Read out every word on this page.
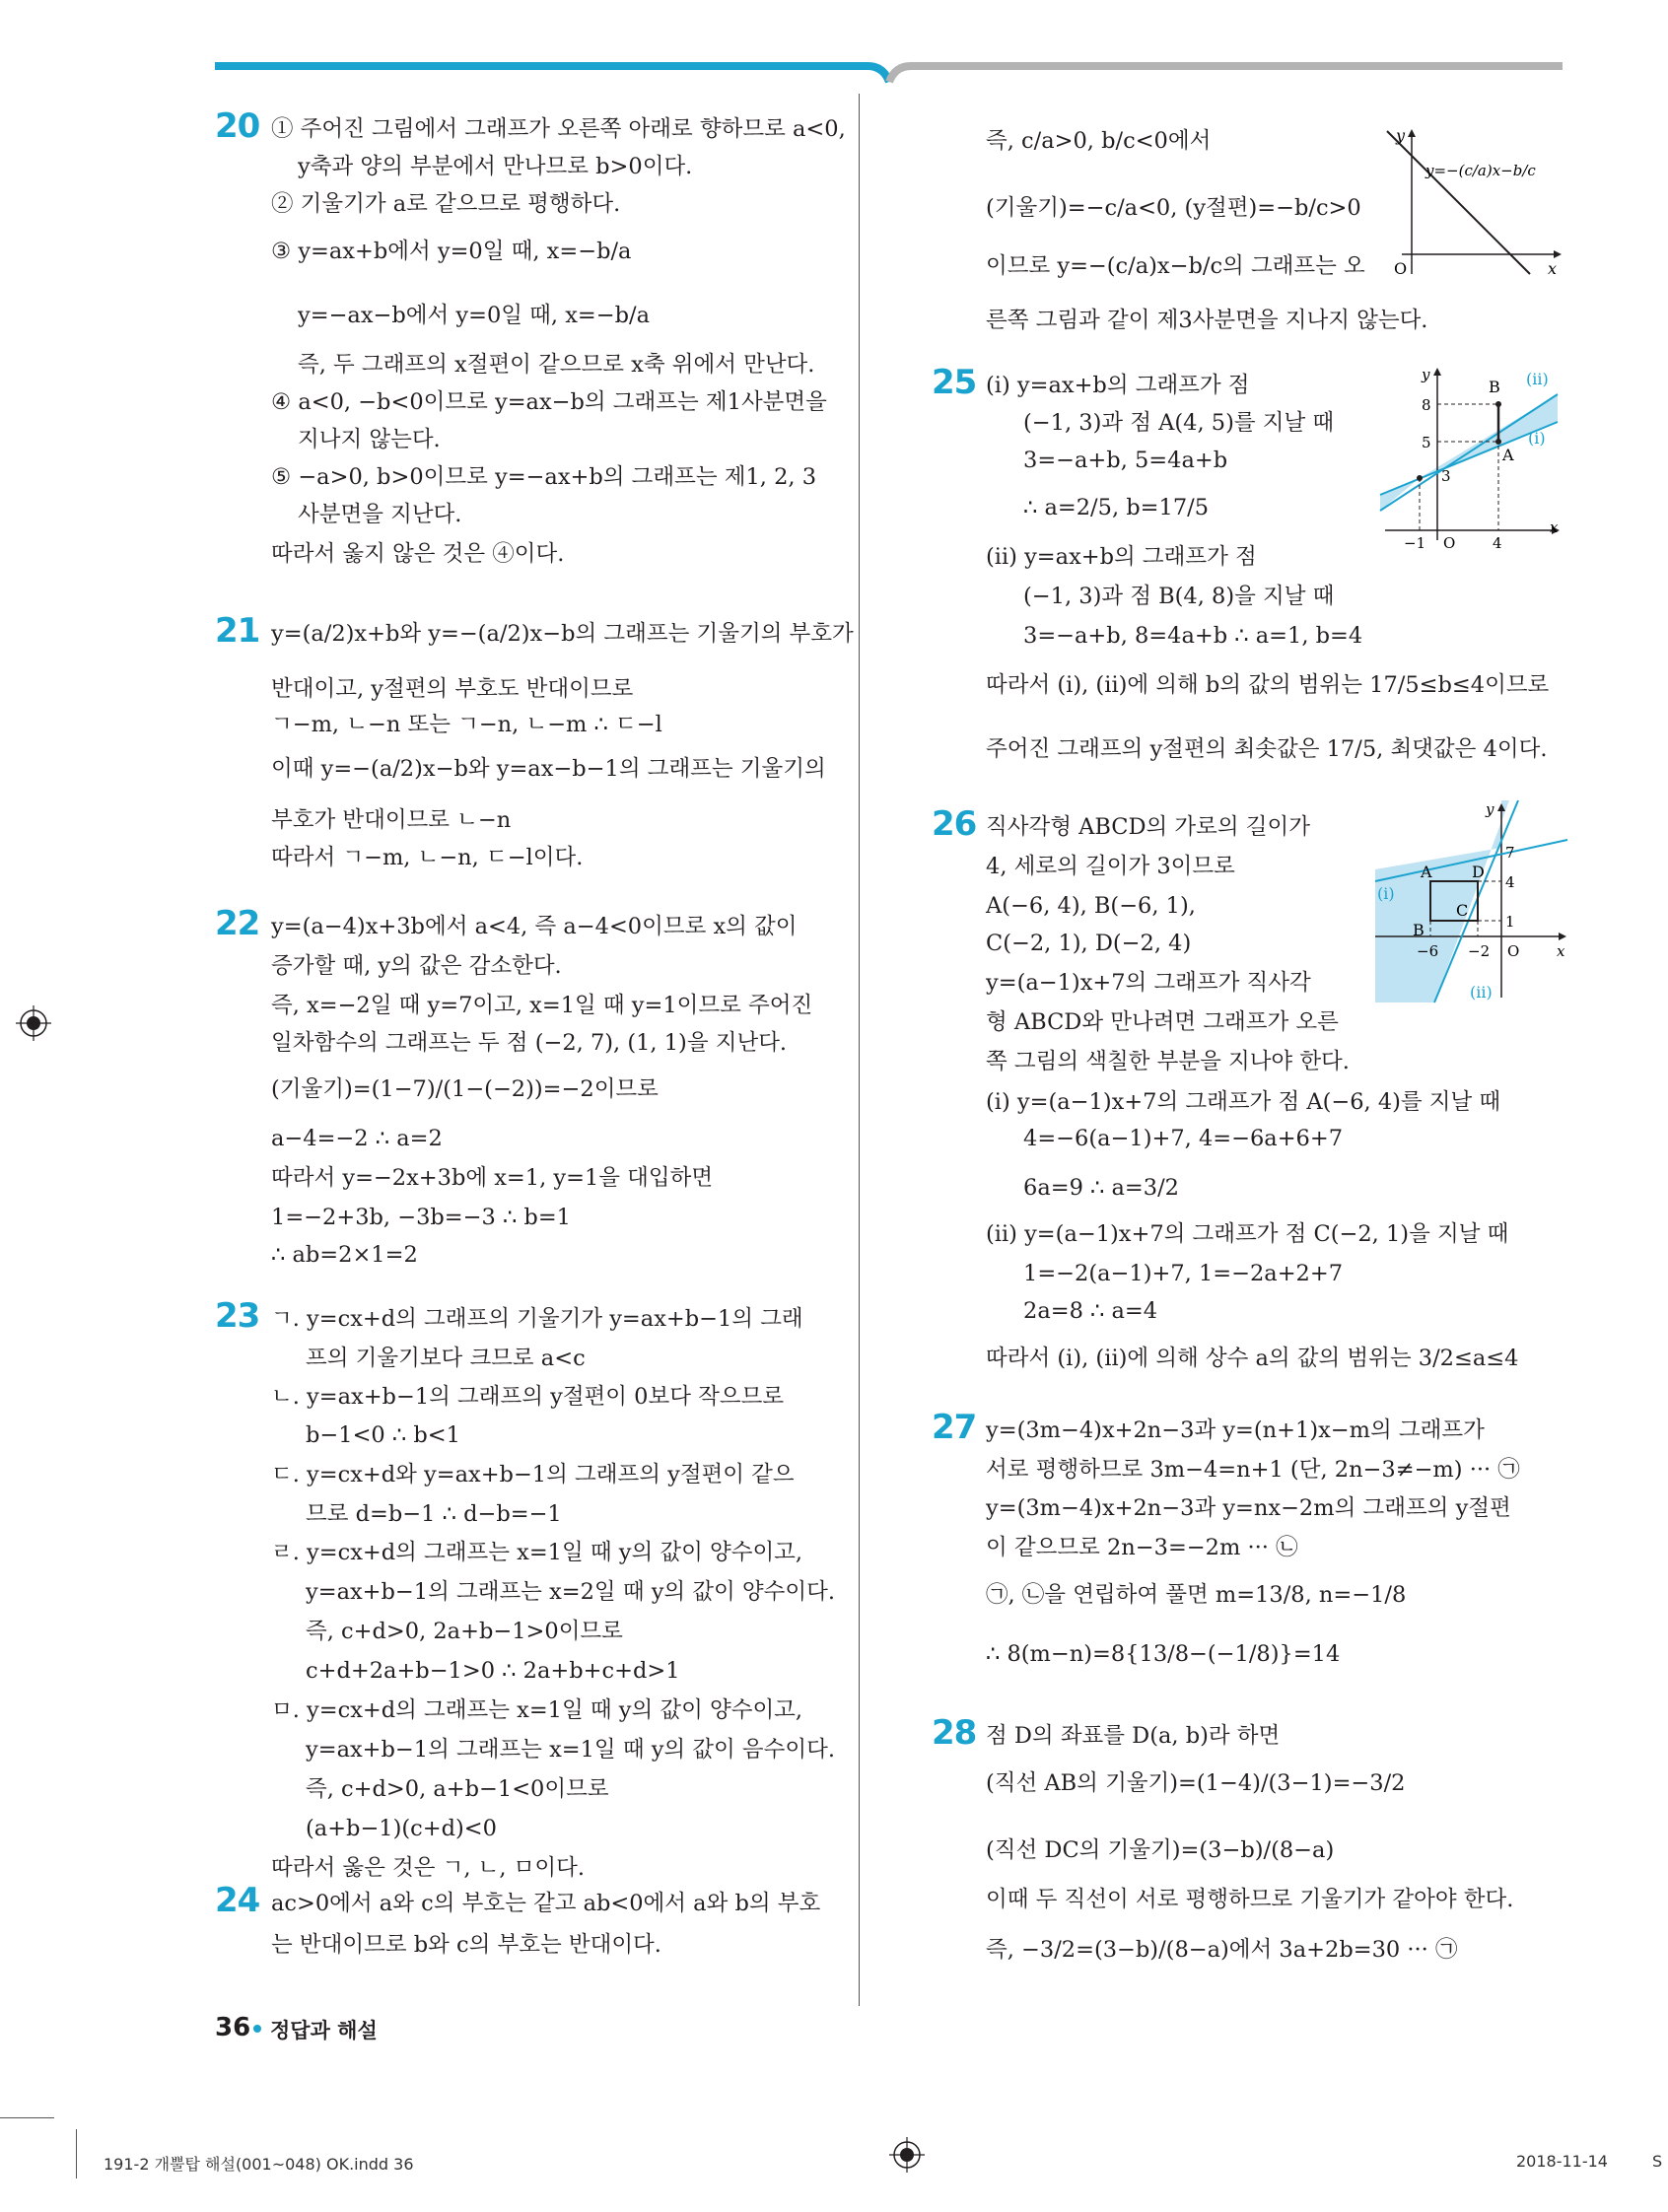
20 ① 주어진 그림에서 그래프가 오른쪽 아래로 향하므로 a<0,
y축과 양의 부분에서 만나므로 b>0이다.
② 기울기가 a로 같으므로 평행하다.
③ y=ax+b에서 y=0일 때, x=−b/a
y=−ax−b에서 y=0일 때, x=−b/a
즉, 두 그래프의 x절편이 같으므로 x축 위에서 만난다.
④ a<0, −b<0이므로 y=ax−b의 그래프는 제1사분면을
지나지 않는다.
⑤ −a>0, b>0이므로 y=−ax+b의 그래프는 제1, 2, 3
사분면을 지난다.
따라서 옳지 않은 것은 ④이다.
21 y=(a/2)x+b와 y=−(a/2)x−b의 그래프는 기울기의 부호가
반대이고, y절편의 부호도 반대이므로
ㄱ−m, ㄴ−n 또는 ㄱ−n, ㄴ−m ∴ ㄷ−l
이때 y=−(a/2)x−b와 y=ax−b−1의 그래프는 기울기의
부호가 반대이므로 ㄴ−n
따라서 ㄱ−m, ㄴ−n, ㄷ−l이다.
22 y=(a−4)x+3b에서 a<4, 즉 a−4<0이므로 x의 값이
증가할 때, y의 값은 감소한다.
즉, x=−2일 때 y=7이고, x=1일 때 y=1이므로 주어진
일차함수의 그래프는 두 점 (−2, 7), (1, 1)을 지난다.
(기울기)=(1−7)/(1−(−2))=−2이므로
a−4=−2 ∴ a=2
따라서 y=−2x+3b에 x=1, y=1을 대입하면
1=−2+3b, −3b=−3 ∴ b=1
∴ ab=2×1=2
23 ㄱ. y=cx+d의 그래프의 기울기가 y=ax+b−1의 그래
프의 기울기보다 크므로 a<c
ㄴ. y=ax+b−1의 그래프의 y절편이 0보다 작으므로
b−1<0 ∴ b<1
ㄷ. y=cx+d와 y=ax+b−1의 그래프의 y절편이 같으
므로 d=b−1 ∴ d−b=−1
ㄹ. y=cx+d의 그래프는 x=1일 때 y의 값이 양수이고,
y=ax+b−1의 그래프는 x=2일 때 y의 값이 양수이다.
즉, c+d>0, 2a+b−1>0이므로
c+d+2a+b−1>0 ∴ 2a+b+c+d>1
ㅁ. y=cx+d의 그래프는 x=1일 때 y의 값이 양수이고,
y=ax+b−1의 그래프는 x=1일 때 y의 값이 음수이다.
즉, c+d>0, a+b−1<0이므로
(a+b−1)(c+d)<0
따라서 옳은 것은 ㄱ, ㄴ, ㅁ이다.
24 ac>0에서 a와 c의 부호는 같고 ab<0에서 a와 b의 부호
는 반대이므로 b와 c의 부호는 반대이다.
즉, c/a>0, b/c<0에서
(기울기)=−c/a<0, (y절편)=−b/c>0
이므로 y=−(c/a)x−b/c의 그래프는 오
른쪽 그림과 같이 제3사분면을 지나지 않는다.
y
x
O
y=−(c/a)x−b/c
25 (ⅰ) y=ax+b의 그래프가 점
(−1, 3)과 점 A(4, 5)를 지날 때
3=−a+b, 5=4a+b
∴ a=2/5, b=17/5
(ⅱ) y=ax+b의 그래프가 점
(−1, 3)과 점 B(4, 8)을 지날 때
3=−a+b, 8=4a+b ∴ a=1, b=4
따라서 (ⅰ), (ⅱ)에 의해 b의 값의 범위는 17/5≤b≤4이므로
주어진 그래프의 y절편의 최솟값은 17/5, 최댓값은 4이다.
y
x
O
8
5
3
−1	4
B
A
(ⅱ)
(ⅰ)
26 직사각형 ABCD의 가로의 길이가
4, 세로의 길이가 3이므로
A(−6, 4), B(−6, 1),
C(−2, 1), D(−2, 4)
y=(a−1)x+7의 그래프가 직사각
형 ABCD와 만나려면 그래프가 오른
쪽 그림의 색칠한 부분을 지나야 한다.
(ⅰ) y=(a−1)x+7의 그래프가 점 A(−6, 4)를 지날 때
4=−6(a−1)+7, 4=−6a+6+7
6a=9 ∴ a=3/2
(ⅱ) y=(a−1)x+7의 그래프가 점 C(−2, 1)을 지날 때
1=−2(a−1)+7, 1=−2a+2+7
2a=8 ∴ a=4
따라서 (ⅰ), (ⅱ)에 의해 상수 a의 값의 범위는 3/2≤a≤4
y
x
O
7
4
1
−6 −2
A	D
B
C
(ⅰ)
(ⅱ)
27 y=(3m−4)x+2n−3과 y=(n+1)x−m의 그래프가
서로 평행하므로 3m−4=n+1 (단, 2n−3≠−m) ··· ㉠
y=(3m−4)x+2n−3과 y=nx−2m의 그래프의 y절편
이 같으므로 2n−3=−2m ··· ㉡
㉠, ㉡을 연립하여 풀면 m=13/8, n=−1/8
∴ 8(m−n)=8{13/8−(−1/8)}=14
28 점 D의 좌표를 D(a, b)라 하면
(직선 AB의 기울기)=(1−4)/(3−1)=−3/2
(직선 DC의 기울기)=(3−b)/(8−a)
이때 두 직선이 서로 평행하므로 기울기가 같아야 한다.
즉, −3/2=(3−b)/(8−a)에서 3a+2b=30 ··· ㉠
36 정답과 해설
191-2 개뿔탑 해설(001~048) OK.indd 36	2018-11-14	S
